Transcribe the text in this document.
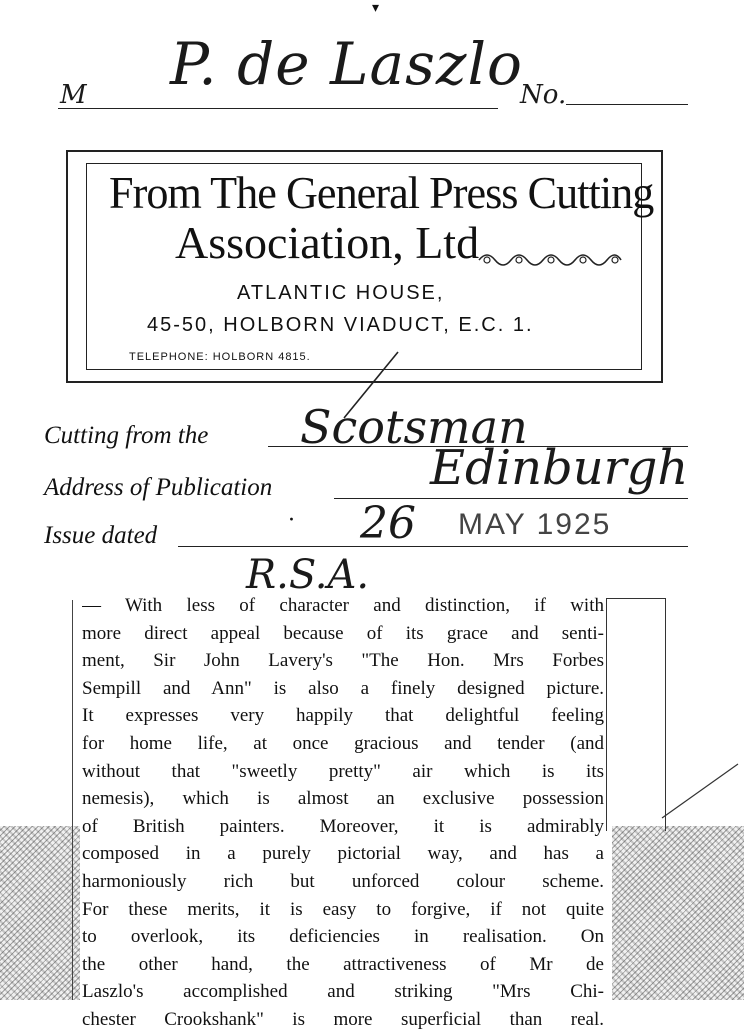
▾
M P. de Laszlo
No.
From The General Press Cutting
Association, Ltd
ATLANTIC HOUSE,
45-50, HOLBORN VIADUCT, E.C. 1.
TELEPHONE: HOLBORN 4815.
Cutting from the Scotsman
Address of Publication	Edinburgh
Issue dated
· 26 MAY 1925
R.S.A.
— With less of character and distinction, if with
more direct appeal because of its grace and senti-
ment, Sir John Lavery's "The Hon. Mrs Forbes
Sempill and Ann" is also a finely designed picture.
It expresses very happily that delightful feeling
for home life, at once gracious and tender (and
without that "sweetly pretty" air which is its
nemesis), which is almost an exclusive possession
of British painters. Moreover, it is admirably
composed in a purely pictorial way, and has a
harmoniously rich but unforced colour scheme.
For these merits, it is easy to forgive, if not quite
to overlook, its deficiencies in realisation. On
the other hand, the attractiveness of Mr de
Laszlo's accomplished and striking "Mrs Chi-
chester Crookshank" is more superficial than real.
